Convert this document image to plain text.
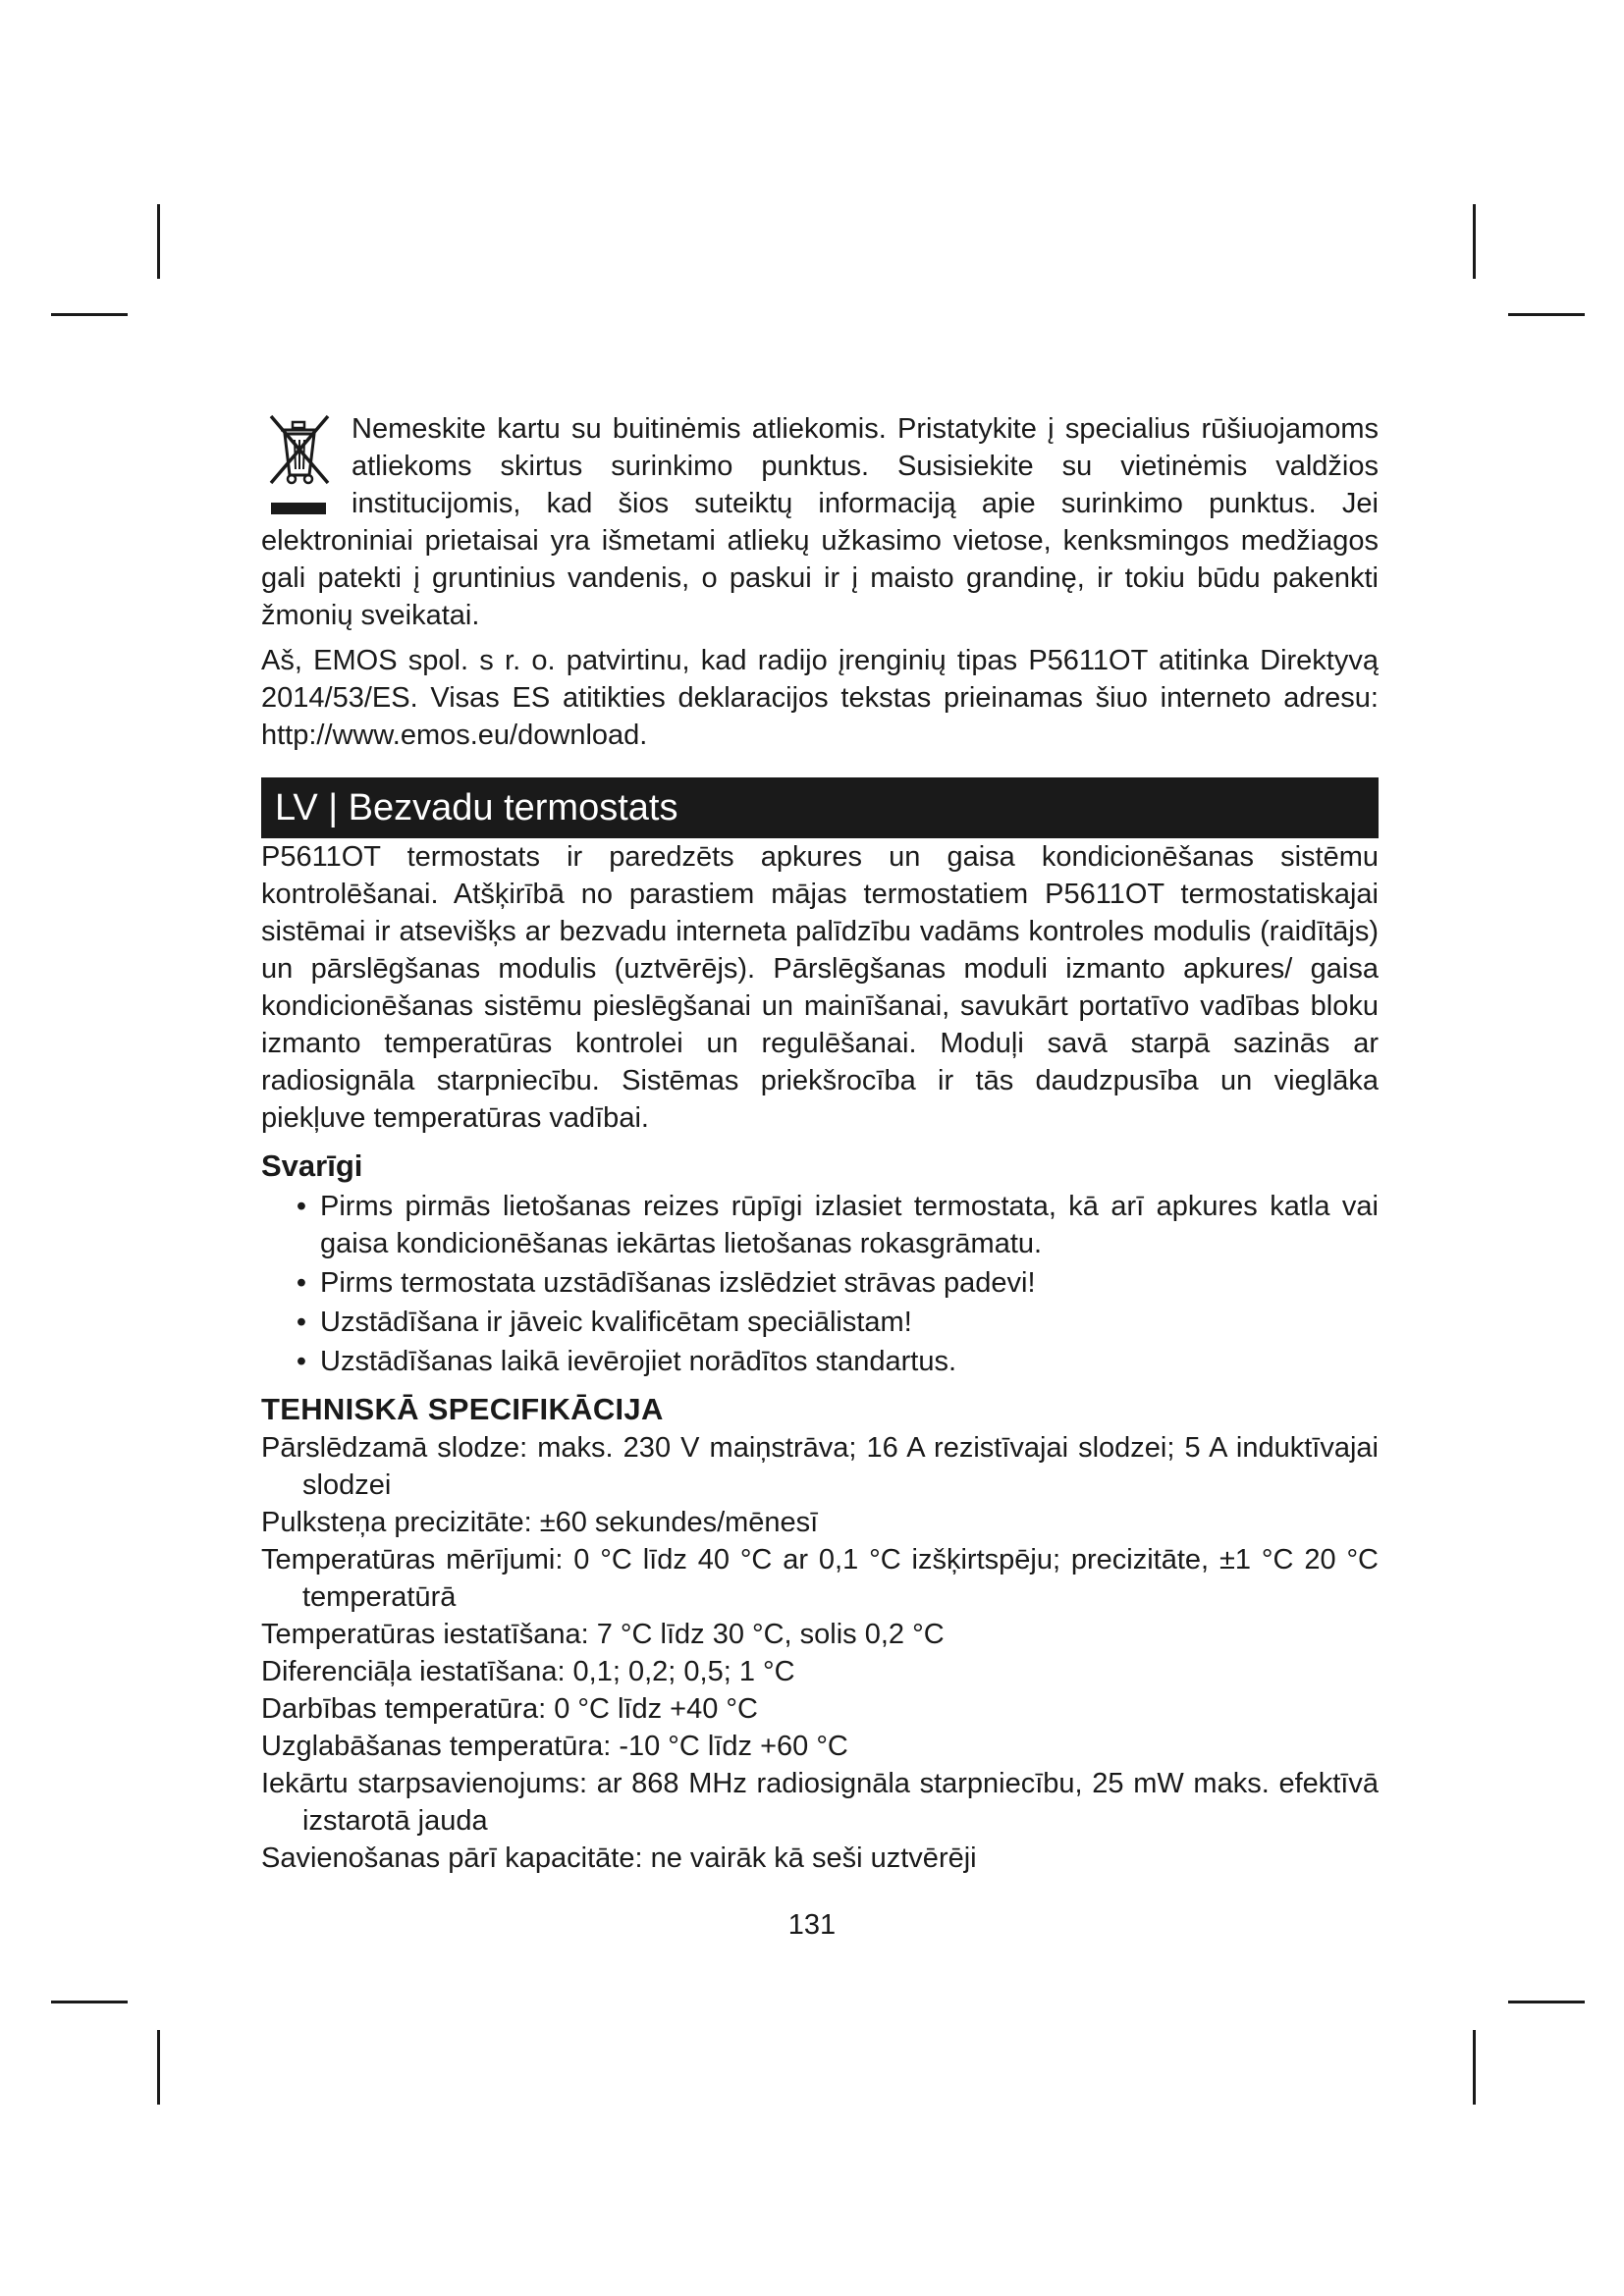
Nemeskite kartu su buitinėmis atliekomis. Pristatykite į specialius rūšiuojamoms atliekoms skirtus surinkimo punktus. Susisiekite su vietinėmis valdžios institucijomis, kad šios suteiktų informaciją apie surinkimo punktus. Jei elektroniniai prietaisai yra išmetami atliekų užkasimo vietose, kenksmingos medžiagos gali patekti į gruntinius vandenis, o paskui ir į maisto grandinę, ir tokiu būdu pakenkti žmonių sveikatai.

Aš, EMOS spol. s r. o. patvirtinu, kad radijo įrenginių tipas P5611OT atitinka Direktyvą 2014/53/ES. Visas ES atitikties deklaracijos tekstas prieinamas šiuo interneto adresu: http://www.emos.eu/download.

LV | Bezvadu termostats

P5611OT termostats ir paredzēts apkures un gaisa kondicionēšanas sistēmu kontrolēšanai. Atšķirībā no parastiem mājas termostatiem P5611OT termostatiskajai sistēmai ir atsevišķs ar bezvadu interneta palīdzību vadāms kontroles modulis (raidītājs) un pārslēgšanas modulis (uztvērējs). Pārslēgšanas moduli izmanto apkures/ gaisa kondicionēšanas sistēmu pieslēgšanai un mainīšanai, savukārt portatīvo vadības bloku izmanto temperatūras kontrolei un regulēšanai. Moduļi savā starpā sazinās ar radiosignāla starpniecību. Sistēmas priekšrocība ir tās daudzpusība un vieglāka piekļuve temperatūras vadībai.

Svarīgi
• Pirms pirmās lietošanas reizes rūpīgi izlasiet termostata, kā arī apkures katla vai gaisa kondicionēšanas iekārtas lietošanas rokasgrāmatu.
• Pirms termostata uzstādīšanas izslēdziet strāvas padevi!
• Uzstādīšana ir jāveic kvalificētam speciālistam!
• Uzstādīšanas laikā ievērojiet norādītos standartus.
TEHNISKĀ SPECIFIKĀCIJA

Pārslēdzamā slodze: maks. 230 V maiņstrāva; 16 A rezistīvajai slodzei; 5 A induktīvajai slodzei

Pulksteņa precizitāte: ±60 sekundes/mēnesī

Temperatūras mērījumi: 0 °C līdz 40 °C ar 0,1 °C izšķirtspēju; precizitāte, ±1 °C 20 °C temperatūrā

Temperatūras iestatīšana: 7 °C līdz 30 °C, solis 0,2 °C

Diferenciāļa iestatīšana: 0,1; 0,2; 0,5; 1 °C

Darbības temperatūra: 0 °C līdz +40 °C

Uzglabāšanas temperatūra: -10 °C līdz +60 °C

Iekārtu starpsavienojums: ar 868 MHz radiosignāla starpniecību, 25 mW maks. efektīvā izstarotā jauda

Savienošanas pārī kapacitāte: ne vairāk kā seši uztvērēji

131
